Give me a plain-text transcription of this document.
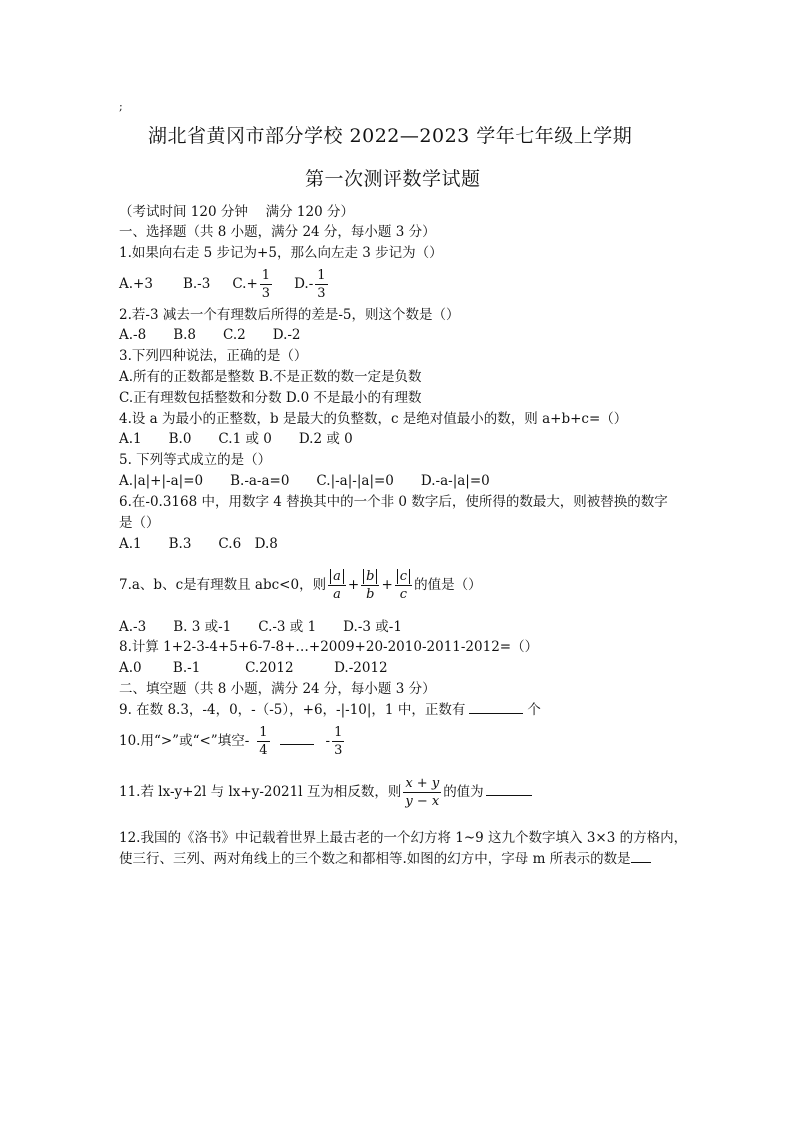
;
湖北省黄冈市部分学校 2022—2023 学年七年级上学期
第一次测评数学试题
（考试时间 120 分钟　 满分 120 分）
一、选择题（共 8 小题，满分 24 分，每小题 3 分）
1.如果向右走 5 步记为+5，那么向左走 3 步记为（）
A.+3 B.-3 $C.+ \frac{1}{3} D.- \frac{1}{3}$
2.若-3 减去一个有理数后所得的差是-5，则这个数是（）
A.-8　　B.8　　C.2　　D.-2
3.下列四种说法，正确的是（）
A.所有的正数都是整数 B.不是正数的数一定是负数
C.正有理数包括整数和分数 D.0 不是最小的有理数
4.设 a 为最小的正整数，b 是最大的负整数，c 是绝对值最小的数，则 a+b+c=（）
A.1　　B.0　　C.1 或 0　　D.2 或 0
5. 下列等式成立的是（）
A.|a|+|-a|=0　　B.-a-a=0　　C.|-a|-|a|=0　　D.-a-|a|=0
6.在-0.3168 中，用数字 4 替换其中的一个非 0 数字后，使所得的数最大，则被替换的数字
是（）
A.1　　B.3　　C.6　D.8
7.a、b、c是有理数且 abc<0，则 $\frac{a}{a} + \frac{b}{b} + \frac{c}{c}$ 的值是（）
A.-3　　B. 3 或-1　　C.-3 或 1　　D.-3 或-1
8.计算 1+2-3-4+5+6-7-8+…+2009+20-2010-2011-2012=（）
A.0　　 B.-1　　　 C.2012　　　D.-2012
二、填空题（共 8 小题，满分 24 分，每小题 3 分）
9. 在数 8.3，-4，0，-（-5），+6，-|-10|，1 中，正数有	个
10.用“>”或“<”填空- $\frac{1}{4}$	- $\frac{1}{3}$
11.若 lx-y+2l 与 lx+y-2021l 互为相反数，则 $\frac{x + y}{y - x}$ 的值为
12.我国的《洛书》中记载着世界上最古老的一个幻方将 1~9 这九个数字填入 3×3 的方格内，
使三行、三列、两对角线上的三个数之和都相等.如图的幻方中，字母 m 所表示的数是
